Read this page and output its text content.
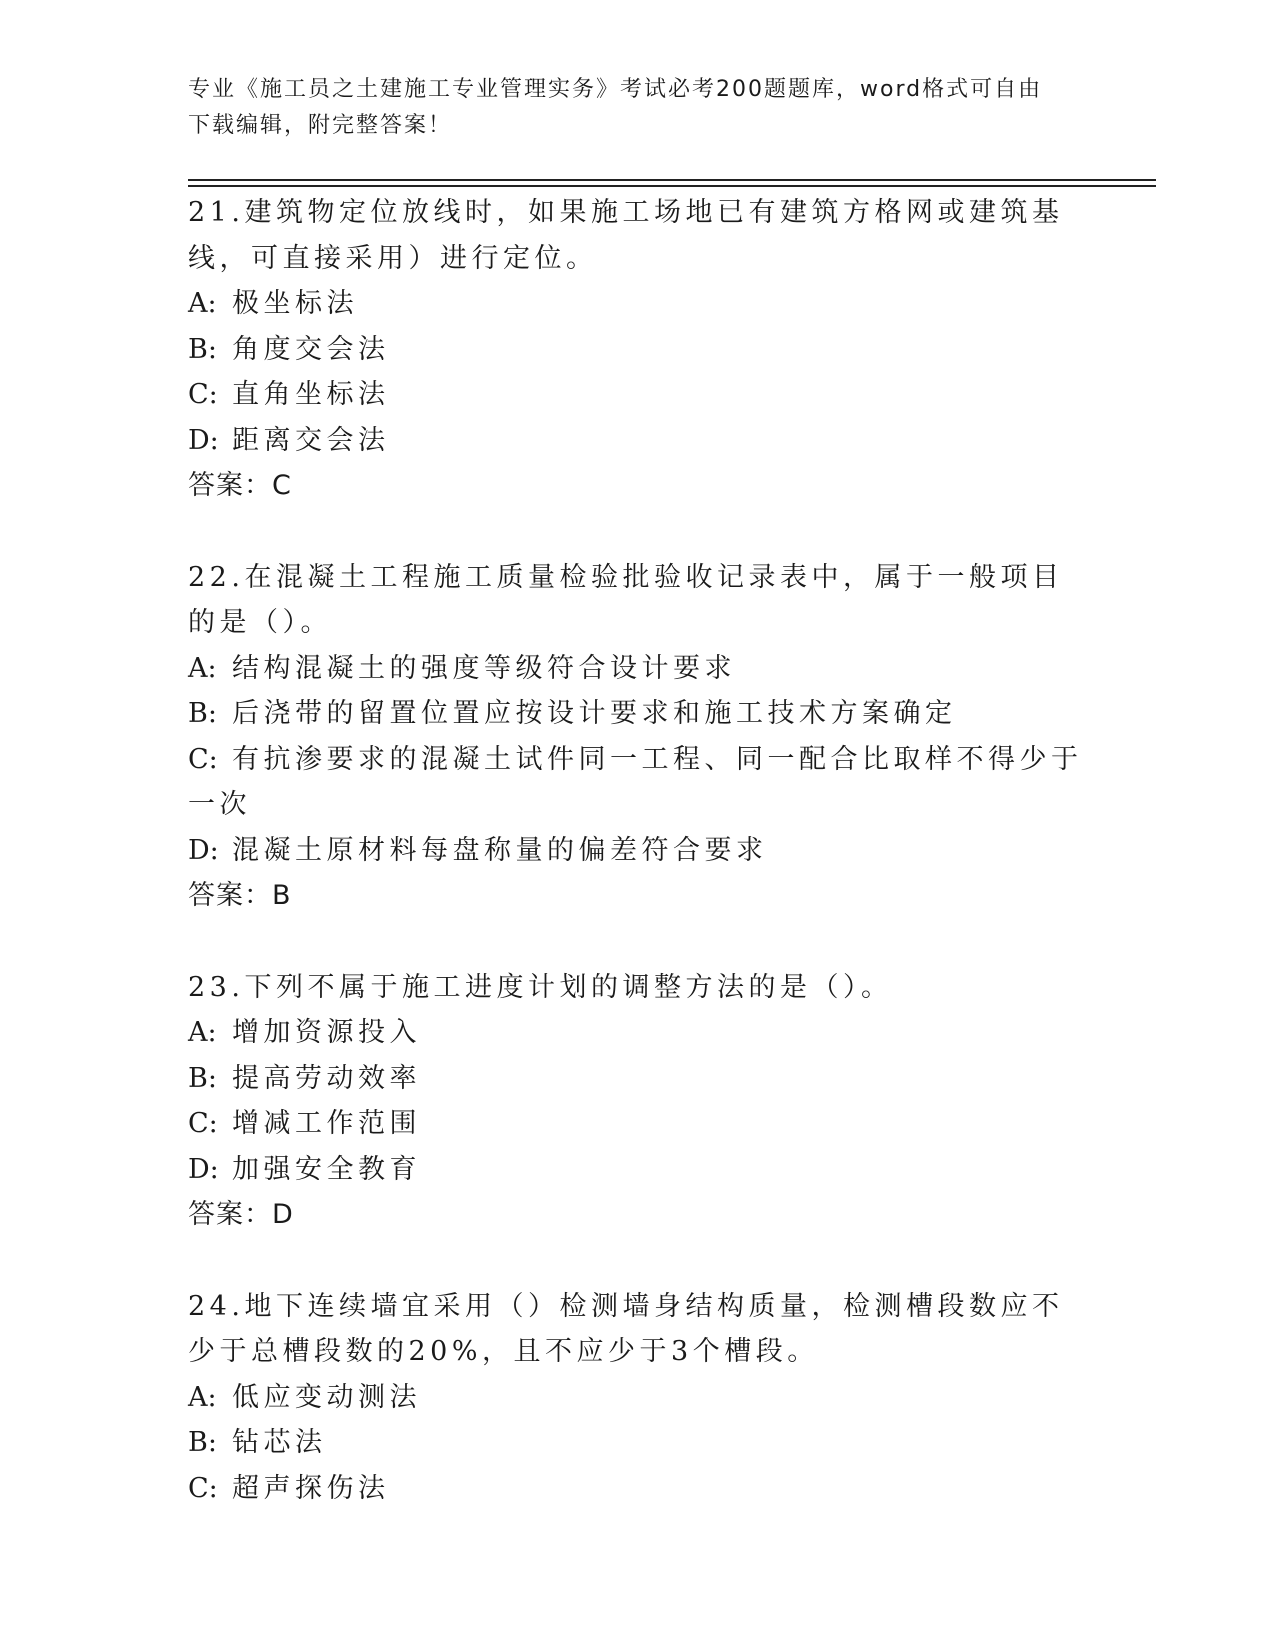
专业《施工员之土建施工专业管理实务》考试必考200题题库，word格式可自由
下载编辑，附完整答案！
21.建筑物定位放线时，如果施工场地已有建筑方格网或建筑基线，可直接采用）进行定位。
A: 极坐标法
B: 角度交会法
C: 直角坐标法
D: 距离交会法
答案：C
22.在混凝土工程施工质量检验批验收记录表中，属于一般项目的是（）。
A: 结构混凝土的强度等级符合设计要求
B: 后浇带的留置位置应按设计要求和施工技术方案确定
C: 有抗渗要求的混凝土试件同一工程、同一配合比取样不得少于一次
D: 混凝土原材料每盘称量的偏差符合要求
答案：B
23.下列不属于施工进度计划的调整方法的是（）。
A: 增加资源投入
B: 提高劳动效率
C: 增减工作范围
D: 加强安全教育
答案：D
24.地下连续墙宜采用（）检测墙身结构质量，检测槽段数应不少于总槽段数的20%，且不应少于3个槽段。
A: 低应变动测法
B: 钻芯法
C: 超声探伤法
